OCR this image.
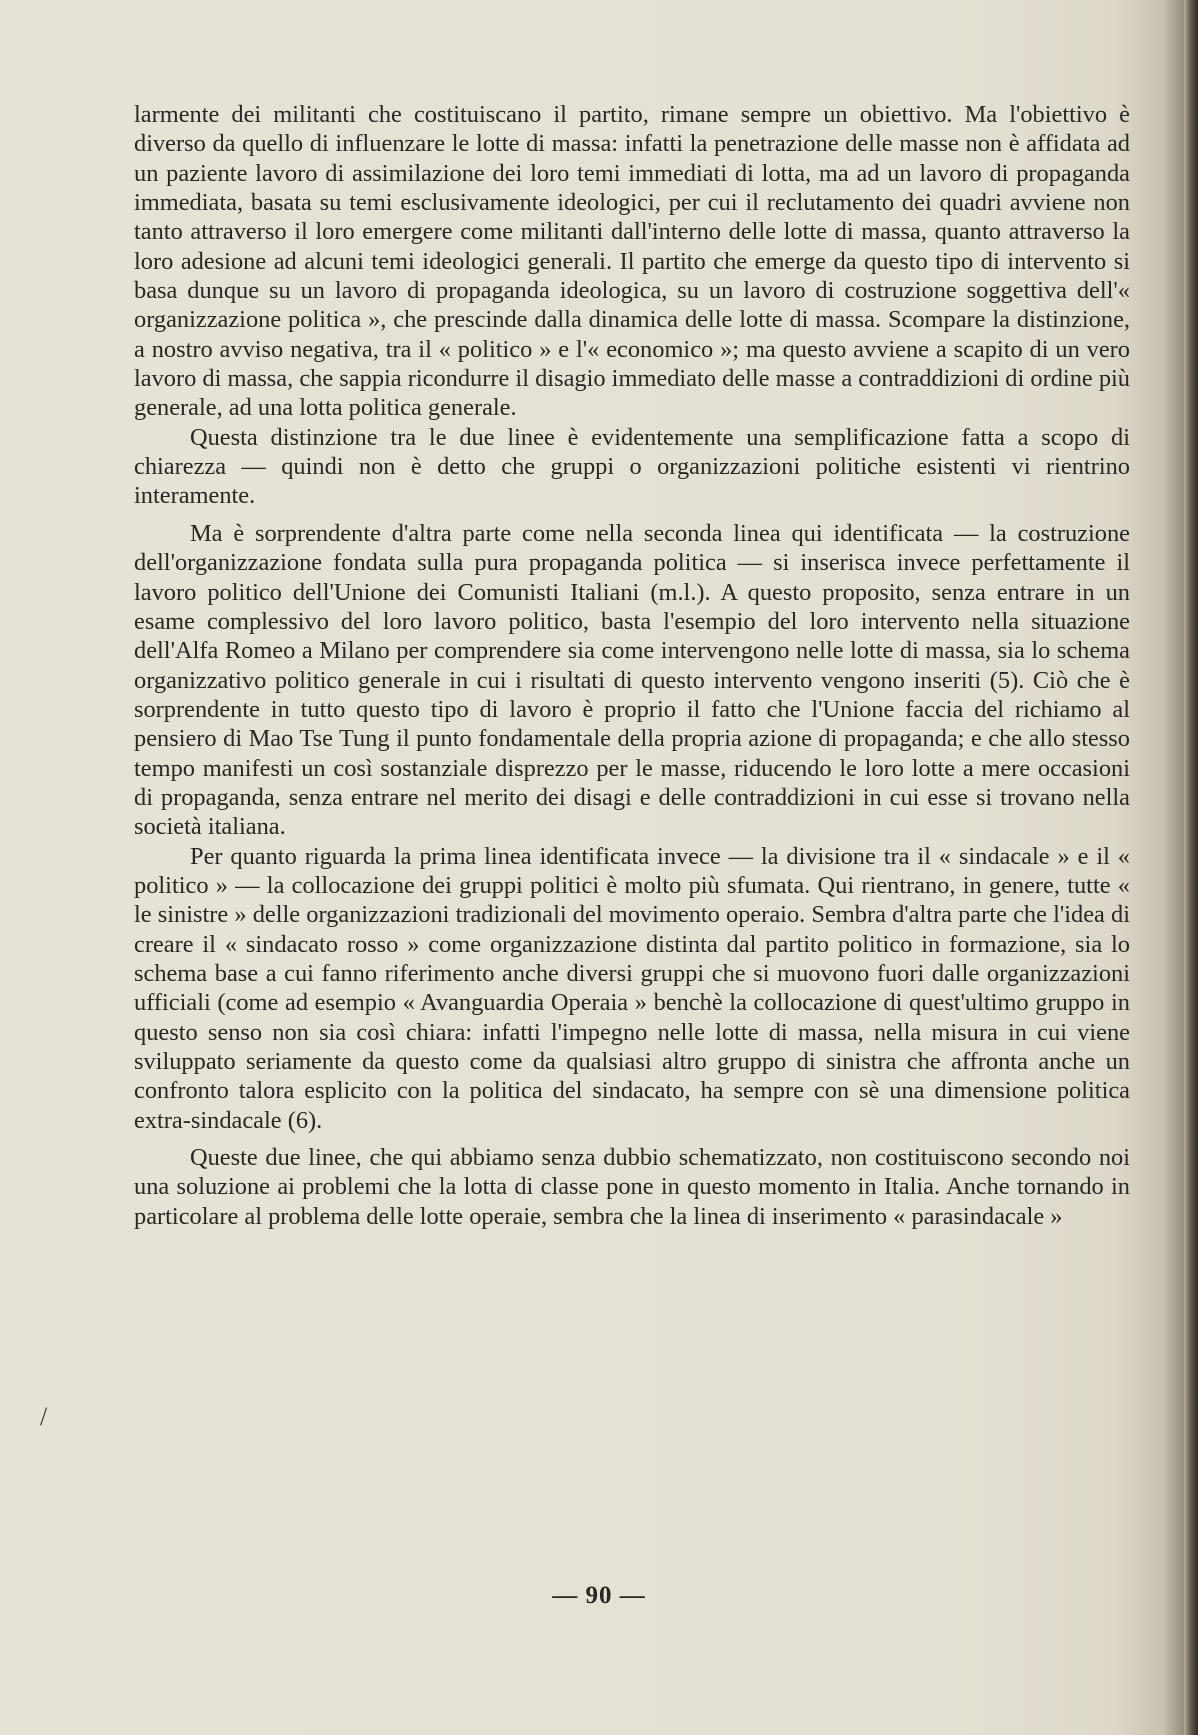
larmente dei militanti che costituiscano il partito, rimane sempre un obiettivo. Ma l'obiettivo è diverso da quello di influenzare le lotte di massa: infatti la penetrazione delle masse non è affidata ad un paziente lavoro di assimilazione dei loro temi immediati di lotta, ma ad un lavoro di propaganda immediata, basata su temi esclusivamente ideologici, per cui il reclutamento dei quadri avviene non tanto attraverso il loro emergere come militanti dall'interno delle lotte di massa, quanto attraverso la loro adesione ad alcuni temi ideologici generali. Il partito che emerge da questo tipo di intervento si basa dunque su un lavoro di propaganda ideologica, su un lavoro di costruzione soggettiva dell'« organizzazione politica », che prescinde dalla dinamica delle lotte di massa. Scompare la distinzione, a nostro avviso negativa, tra il « politico » e l'« economico »; ma questo avviene a scapito di un vero lavoro di massa, che sappia ricondurre il disagio immediato delle masse a contraddizioni di ordine più generale, ad una lotta politica generale.

Questa distinzione tra le due linee è evidentemente una semplificazione fatta a scopo di chiarezza — quindi non è detto che gruppi o organizzazioni politiche esistenti vi rientrino interamente.

Ma è sorprendente d'altra parte come nella seconda linea qui identificata — la costruzione dell'organizzazione fondata sulla pura propaganda politica — si inserisca invece perfettamente il lavoro politico dell'Unione dei Comunisti Italiani (m.l.). A questo proposito, senza entrare in un esame complessivo del loro lavoro politico, basta l'esempio del loro intervento nella situazione dell'Alfa Romeo a Milano per comprendere sia come intervengono nelle lotte di massa, sia lo schema organizzativo politico generale in cui i risultati di questo intervento vengono inseriti (5). Ciò che è sorprendente in tutto questo tipo di lavoro è proprio il fatto che l'Unione faccia del richiamo al pensiero di Mao Tse Tung il punto fondamentale della propria azione di propaganda; e che allo stesso tempo manifesti un così sostanziale disprezzo per le masse, riducendo le loro lotte a mere occasioni di propaganda, senza entrare nel merito dei disagi e delle contraddizioni in cui esse si trovano nella società italiana.

Per quanto riguarda la prima linea identificata invece — la divisione tra il « sindacale » e il « politico » — la collocazione dei gruppi politici è molto più sfumata. Qui rientrano, in genere, tutte « le sinistre » delle organizzazioni tradizionali del movimento operaio. Sembra d'altra parte che l'idea di creare il « sindacato rosso » come organizzazione distinta dal partito politico in formazione, sia lo schema base a cui fanno riferimento anche diversi gruppi che si muovono fuori dalle organizzazioni ufficiali (come ad esempio « Avanguardia Operaia » benchè la collocazione di quest'ultimo gruppo in questo senso non sia così chiara: infatti l'impegno nelle lotte di massa, nella misura in cui viene sviluppato seriamente da questo come da qualsiasi altro gruppo di sinistra che affronta anche un confronto talora esplicito con la politica del sindacato, ha sempre con sè una dimensione politica extra-sindacale (6).

Queste due linee, che qui abbiamo senza dubbio schematizzato, non costituiscono secondo noi una soluzione ai problemi che la lotta di classe pone in questo momento in Italia. Anche tornando in particolare al problema delle lotte operaie, sembra che la linea di inserimento « parasindacale »

/
— 90 —
